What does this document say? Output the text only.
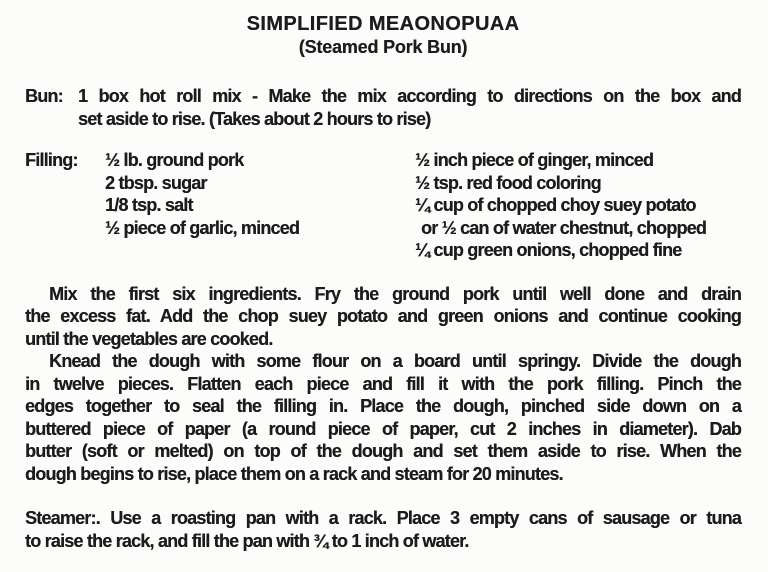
SIMPLIFIED MEAONOPUAA
(Steamed Pork Bun)
Bun: 1 box hot roll mix - Make the mix according to directions on the box and
set aside to rise. (Takes about 2 hours to rise)
Filling:	½ lb. ground pork
2 tbsp. sugar
1/8 tsp. salt
½ piece of garlic, minced
½ inch piece of ginger, minced
½ tsp. red food coloring
¼ cup of chopped choy suey potato
or ½ can of water chestnut, chopped
¼ cup green onions, chopped fine
Mix the first six ingredients. Fry the ground pork until well done and drain
the excess fat. Add the chop suey potato and green onions and continue cooking
until the vegetables are cooked.
Knead the dough with some flour on a board until springy. Divide the dough
in twelve pieces. Flatten each piece and fill it with the pork filling. Pinch the
edges together to seal the filling in. Place the dough, pinched side down on a
buttered piece of paper (a round piece of paper, cut 2 inches in diameter). Dab
butter (soft or melted) on top of the dough and set them aside to rise. When the
dough begins to rise, place them on a rack and steam for 20 minutes.
Steamer:. Use a roasting pan with a rack. Place 3 empty cans of sausage or tuna
to raise the rack, and fill the pan with ¾ to 1 inch of water.
